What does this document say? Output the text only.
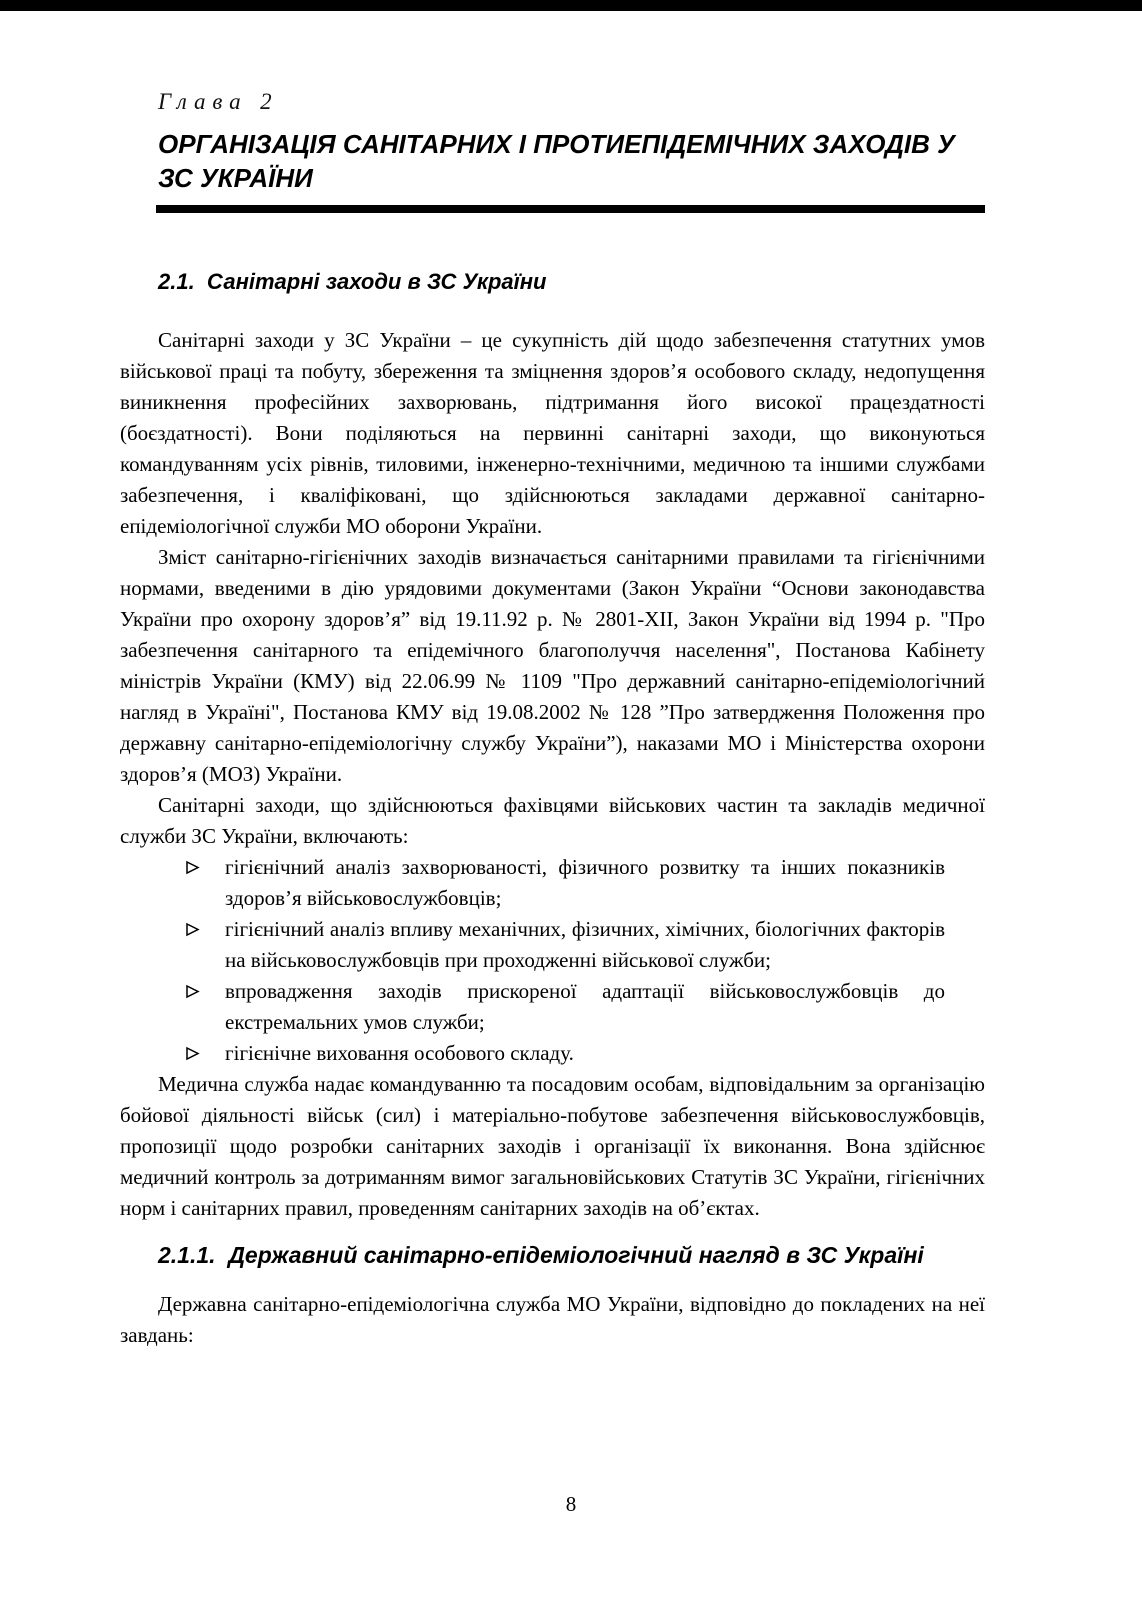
Глава 2
ОРГАНІЗАЦІЯ САНІТАРНИХ І ПРОТИЕПІДЕМІЧНИХ ЗАХОДІВ У ЗС УКРАЇНИ
2.1.  Санітарні заходи в ЗС України

Санітарні заходи у ЗС України – це сукупність дій щодо забезпечення статутних умов військової праці та побуту, збереження та зміцнення здоров’я особового складу, недопущення виникнення професійних захворювань, підтримання його високої працездатності (боєздатності). Вони поділяються на первинні санітарні заходи, що виконуються командуванням усіх рівнів, тиловими, інженерно-технічними, медичною та іншими службами забезпечення, і кваліфіковані, що здійснюються закладами державної санітарно-епідеміологічної служби МО оборони України.

Зміст санітарно-гігієнічних заходів визначається санітарними правилами та гігієнічними нормами, введеними в дію урядовими документами (Закон України “Основи законодавства України про охорону здоров’я” від 19.11.92 р. № 2801-XII, Закон України від 1994 р. "Про забезпечення санітарного та епідемічного благополуччя населення", Постанова Кабінету міністрів України (КМУ) від 22.06.99 № 1109 "Про державний санітарно-епідеміологічний нагляд в Україні", Постанова КМУ від 19.08.2002 № 128 ”Про затвердження Положення про державну санітарно-епідеміологічну службу України”), наказами МО і Міністерства охорони здоров’я (МОЗ) України.

Санітарні заходи, що здійснюються фахівцями військових частин та закладів медичної служби ЗС України, включають:

гігієнічний аналіз захворюваності, фізичного розвитку та інших показників здоров’я військовослужбовців;
гігієнічний аналіз впливу механічних, фізичних, хімічних, біологічних факторів на військовослужбовців при проходженні військової служби;
впровадження заходів прискореної адаптації військовослужбовців до екстремальних умов служби;
гігієнічне виховання особового складу.

Медична служба надає командуванню та посадовим особам, відповідальним за організацію бойової діяльності військ (сил) і матеріально-побутове забезпечення військовослужбовців, пропозиції щодо розробки санітарних заходів і організації їх виконання. Вона здійснює медичний контроль за дотриманням вимог загальновійськових Статутів ЗС України, гігієнічних норм і санітарних правил, проведенням санітарних заходів на об’єктах.

2.1.1.  Державний санітарно-епідеміологічний нагляд в ЗС Україні

Державна санітарно-епідеміологічна служба МО України, відповідно до покладених на неї завдань:

8
